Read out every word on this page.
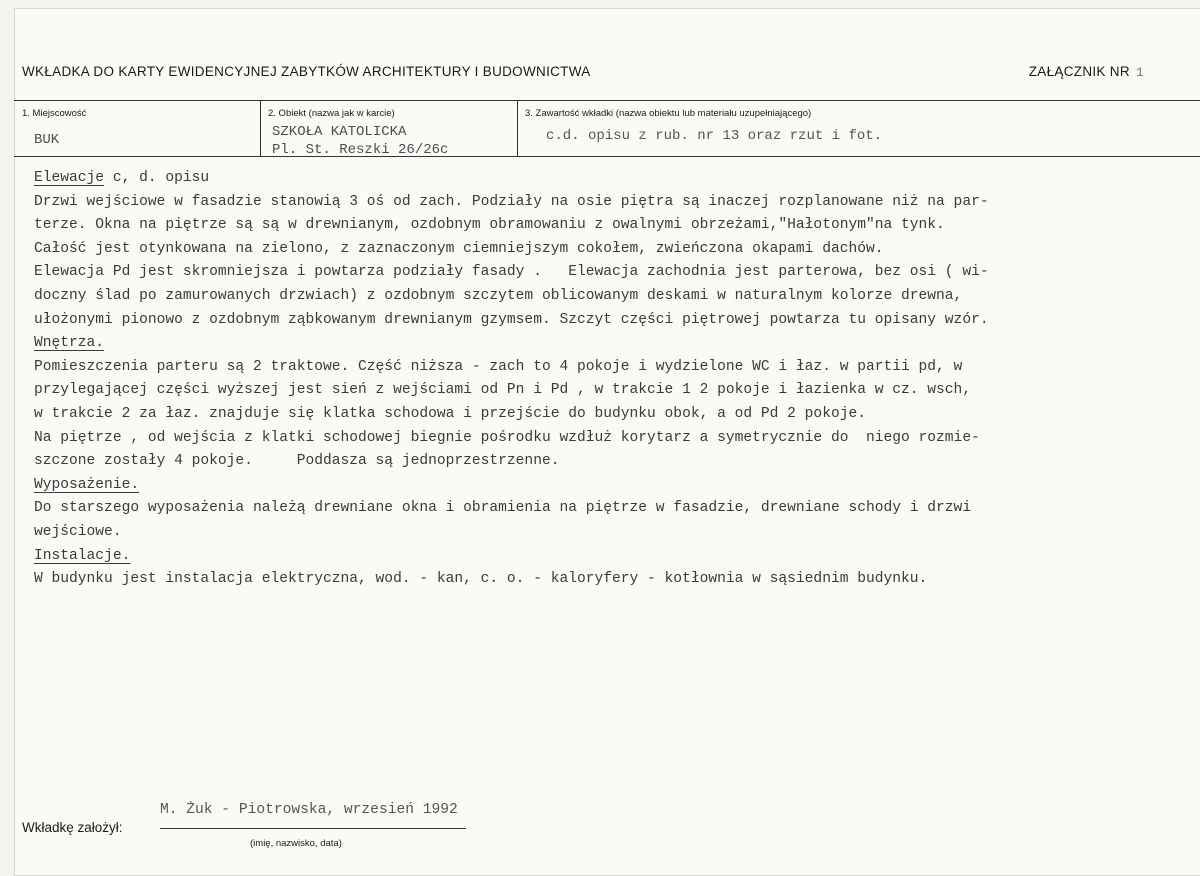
WKŁADKA DO KARTY EWIDENCYJNEJ ZABYTKÓW ARCHITEKTURY I BUDOWNICTWA	ZAŁĄCZNIK NR 1
1. Miejscowość
BUK
2. Obiekt (nazwa jak w karcie)
SZKOŁA KATOLICKA
Pl. St. Reszki 26/26c
3. Zawartość wkładki (nazwa obiektu lub materiału uzupełniającego)
c.d. opisu z rub. nr 13 oraz rzut i fot.
Elewacje c, d. opisu
Drzwi wejściowe w fasadzie stanowią 3 oś od zach. Podziały na osie piętra są inaczej rozplanowane niż na par-
terze. Okna na piętrze są są w drewnianym, ozdobnym obramowaniu z owalnymi obrzeżami,"Hałotonym"na tynk.
Całość jest otynkowana na zielono, z zaznaczonym ciemniejszym cokołem, zwieńczona okapami dachów.
Elewacja Pd jest skromniejsza i powtarza podziały fasady .   Elewacja zachodnia jest parterowa, bez osi ( wi-
doczny ślad po zamurowanych drzwiach) z ozdobnym szczytem oblicowanym deskami w naturalnym kolorze drewna,
ułożonymi pionowo z ozdobnym ząbkowanym drewnianym gzymsem. Szczyt części piętrowej powtarza tu opisany wzór.
Wnętrza.
Pomieszczenia parteru są 2 traktowe. Część niższa - zach to 4 pokoje i wydzielone WC i łaz. w partii pd, w
przylegającej części wyższej jest sień z wejściami od Pn i Pd , w trakcie 1 2 pokoje i łazienka w cz. wsch,
w trakcie 2 za łaz. znajduje się klatka schodowa i przejście do budynku obok, a od Pd 2 pokoje.
Na piętrze , od wejścia z klatki schodowej biegnie pośrodku wzdłuż korytarz a symetrycznie do  niego rozmie-
szczone zostały 4 pokoje.     Poddasza są jednoprzestrzenne.
Wyposażenie.
Do starszego wyposażenia należą drewniane okna i obramienia na piętrze w fasadzie, drewniane schody i drzwi
wejściowe.
Instalacje.
W budynku jest instalacja elektryczna, wod. - kan, c. o. - kaloryfery - kotłownia w sąsiednim budynku.
M. Żuk - Piotrowska, wrzesień 1992
Wkładkę założył:
(imię, nazwisko, data)
